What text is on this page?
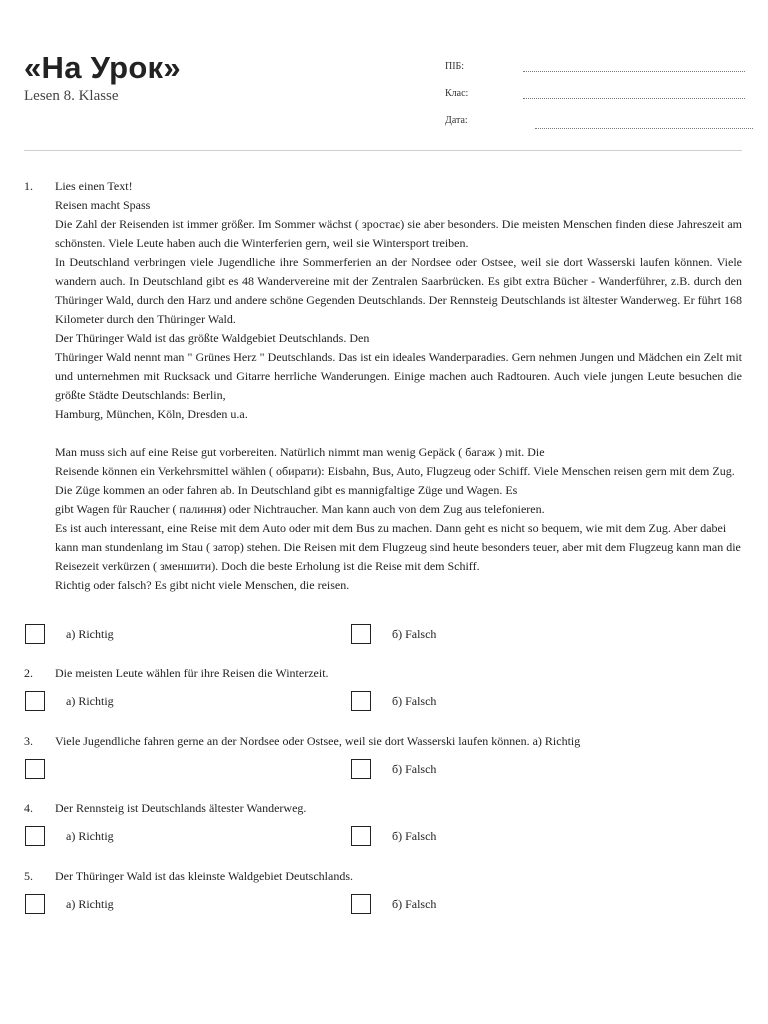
«На Урок»
Lesen 8. Klasse
ПІБ:
Клас:
Дата:
1. Lies einen Text!

Reisen macht Spass

Die Zahl der Reisenden ist immer größer. Im Sommer wächst ( зростає) sie aber besonders. Die meisten Menschen finden diese Jahreszeit am schönsten. Viele Leute haben auch die Winterferien gern, weil sie Wintersport treiben.

In Deutschland verbringen viele Jugendliche ihre Sommerferien an der Nordsee oder Ostsee, weil sie dort Wasserski laufen können. Viele wandern auch. In Deutschland gibt es 48 Wandervereine mit der Zentralen Saarbrücken. Es gibt extra Bücher - Wanderführer, z.B. durch den Thüringer Wald, durch den Harz und andere schöne Gegenden Deutschlands. Der Rennsteig Deutschlands ist ältester Wanderweg. Er führt 168 Kilometer durch den Thüringer Wald.

Der Thüringer Wald ist das größte Waldgebiet Deutschlands. Den

Thüringer Wald nennt man " Grünes Herz " Deutschlands. Das ist ein ideales Wanderparadies. Gern nehmen Jungen und Mädchen ein Zelt mit und unternehmen mit Rucksack und Gitarre herrliche Wanderungen. Einige machen auch Radtouren. Auch viele jungen Leute besuchen die größte Städte Deutschlands: Berlin,

Hamburg, München, Köln, Dresden u.a.

Man muss sich auf eine Reise gut vorbereiten. Natürlich nimmt man wenig Gepäck ( багаж ) mit. Die

Reisende können ein Verkehrsmittel wählen ( обирати): Eisbahn, Bus, Auto, Flugzeug oder Schiff. Viele Menschen reisen gern mit dem Zug. Die Züge kommen an oder fahren ab. In Deutschland gibt es mannigfaltige Züge und Wagen. Es

gibt Wagen für Raucher ( палиння) oder Nichtraucher. Man kann auch von dem Zug aus telefonieren.

Es ist auch interessant, eine Reise mit dem Auto oder mit dem Bus zu machen. Dann geht es nicht so bequem, wie mit dem Zug. Aber dabei kann man stundenlang im Stau ( затор) stehen. Die Reisen mit dem Flugzeug sind heute besonders teuer, aber mit dem Flugzeug kann man die Reisezeit verkürzen ( зменшити). Doch die beste Erholung ist die Reise mit dem Schiff.

Richtig oder falsch? Es gibt nicht viele Menschen, die reisen.

а) Richtig	б) Falsch
2. Die meisten Leute wählen für ihre Reisen die Winterzeit.

а) Richtig	б) Falsch
3. Viele Jugendliche fahren gerne an der Nordsee oder Ostsee, weil sie dort Wasserski laufen können. а) Richtig

б) Falsch
4. Der Rennsteig ist Deutschlands ältester Wanderweg.

а) Richtig	б) Falsch
5. Der Thüringer Wald ist das kleinste Waldgebiet Deutschlands.

а) Richtig	б) Falsch
